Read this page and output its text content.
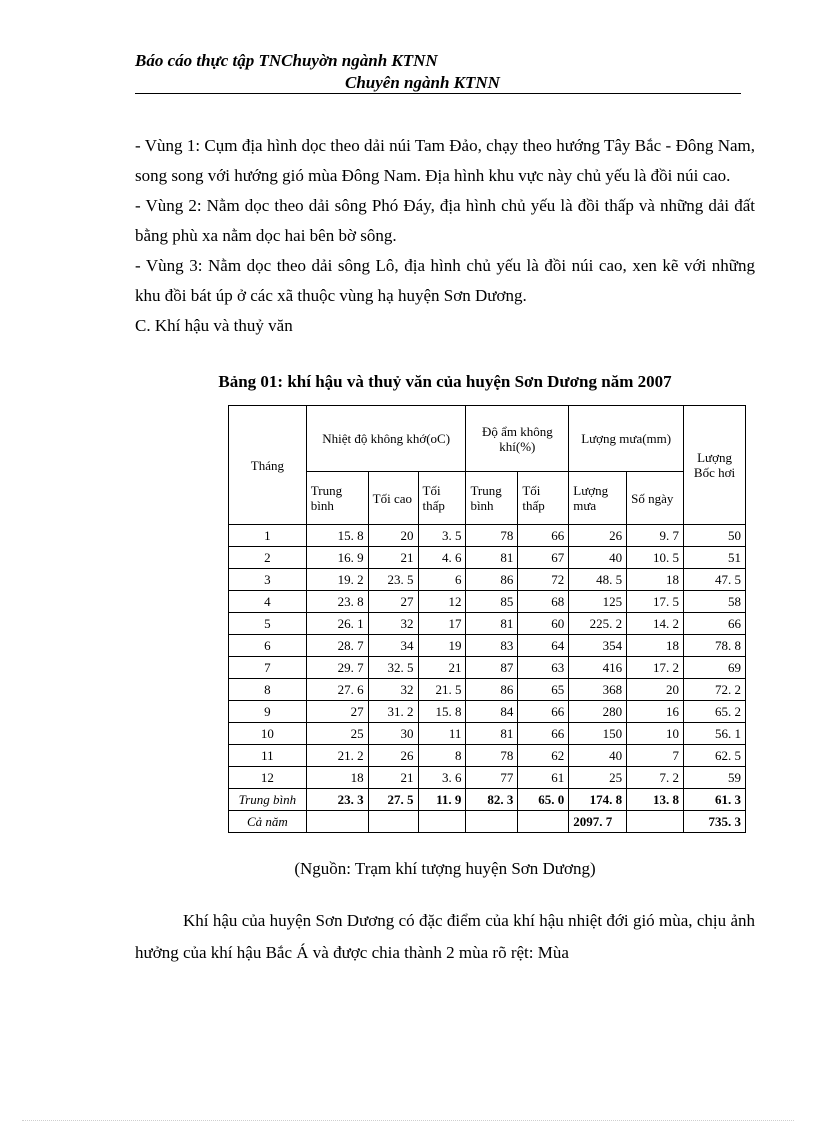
Báo cáo thực tập TNChuyờn ngành KTNN
Chuyên ngành KTNN

- Vùng 1: Cụm địa hình dọc theo dải núi Tam Đảo, chạy theo hướng Tây Bắc - Đông Nam, song song với hướng gió mùa Đông Nam. Địa hình khu vực này chủ yếu là đồi núi cao.

- Vùng 2: Nằm dọc theo dải sông Phó Đáy, địa hình chủ yếu là đồi thấp và những dải đất bằng phù xa nằm dọc hai bên bờ sông.

- Vùng 3: Nằm dọc theo dải sông Lô, địa hình chủ yếu là đồi núi cao, xen kẽ với những khu đồi bát úp ở các xã thuộc vùng hạ huyện Sơn Dương.

C. Khí hậu và thuỷ văn

Bảng 01: khí hậu và thuỷ văn của huyện Sơn Dương năm 2007
Tháng	Nhiệt độ không khớ(oC)			Độ ẩm không khí(%)		Lượng mưa(mm)		Lượng Bốc hơi
	Trung bình	Tối cao	Tối thấp	Trung bình	Tối thấp	Lượng mưa	Số ngày	
1	15. 8	20	3. 5	78	66	26	9. 7	50
2	16. 9	21	4. 6	81	67	40	10. 5	51
3	19. 2	23. 5	6	86	72	48. 5	18	47. 5
4	23. 8	27	12	85	68	125	17. 5	58
5	26. 1	32	17	81	60	225. 2	14. 2	66
6	28. 7	34	19	83	64	354	18	78. 8
7	29. 7	32. 5	21	87	63	416	17. 2	69
8	27. 6	32	21. 5	86	65	368	20	72. 2
9	27	31. 2	15. 8	84	66	280	16	65. 2
10	25	30	11	81	66	150	10	56. 1
11	21. 2	26	8	78	62	40	7	62. 5
12	18	21	3. 6	77	61	25	7. 2	59
Trung bình	23. 3	27. 5	11. 9	82. 3	65. 0	174. 8	13. 8	61. 3
Cả năm						2097. 7		735. 3
(Nguồn: Trạm khí tượng huyện Sơn Dương)

Khí hậu của huyện Sơn Dương có đặc điểm của khí hậu nhiệt đới gió mùa, chịu ảnh hưởng của khí hậu Bắc Á và được chia thành 2 mùa rõ rệt: Mùa
